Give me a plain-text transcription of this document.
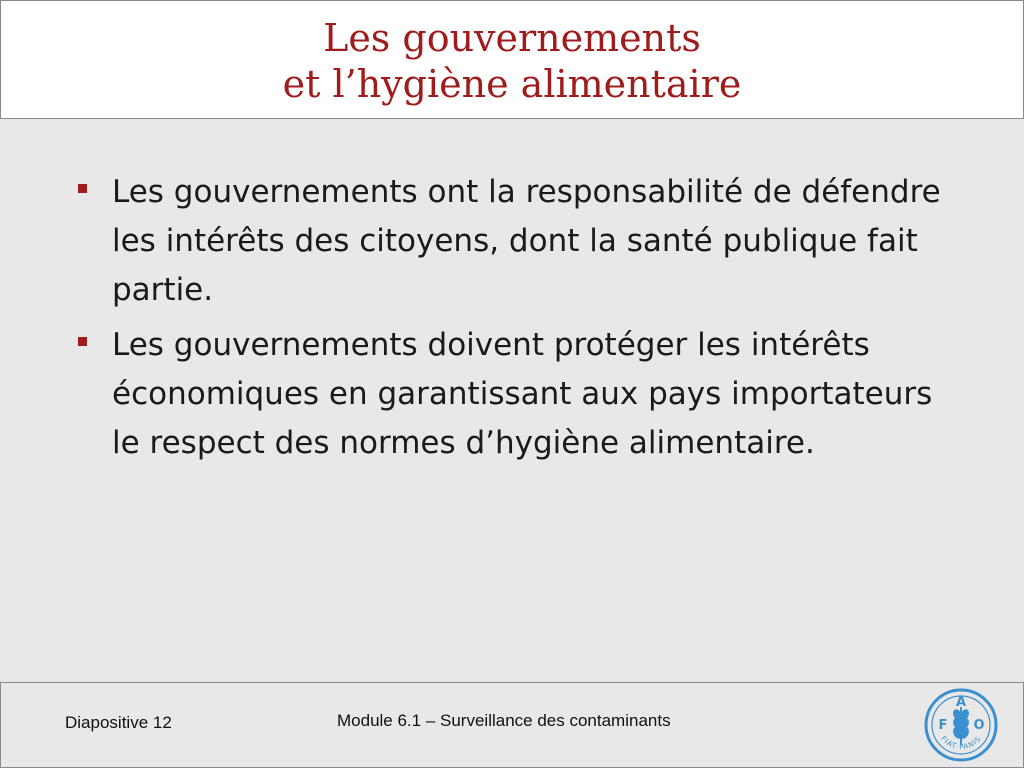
Les gouvernements
et l’hygiène alimentaire
Les gouvernements ont la responsabilité de défendre les intérêts des citoyens, dont la santé publique fait partie.
Les gouvernements doivent protéger les intérêts économiques en garantissant aux pays importateurs le respect des normes d’hygiène alimentaire.
Diapositive 12	Module 6.1 – Surveillance des contaminants	F
A
O
FIAT PANIS
